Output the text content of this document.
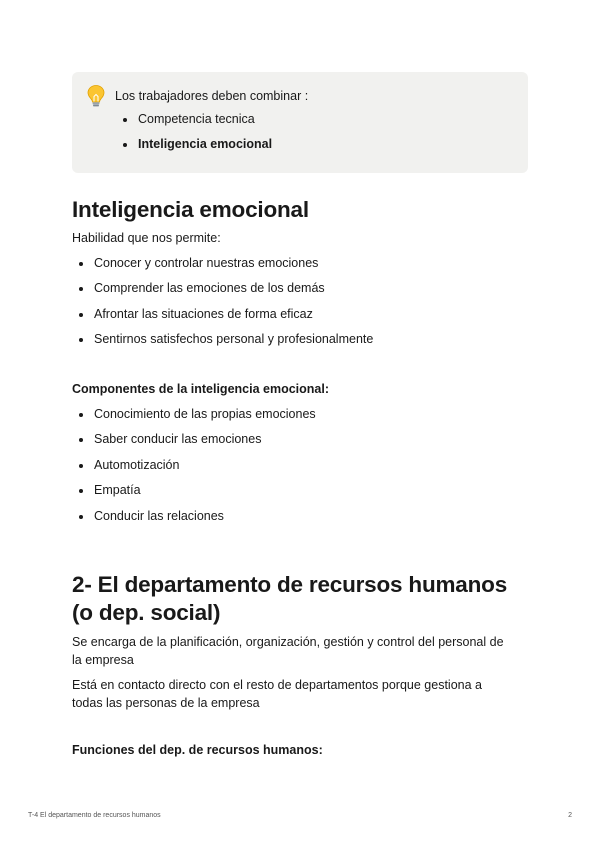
Los trabajadores deben combinar :
Competencia tecnica
Inteligencia emocional
Inteligencia emocional
Habilidad que nos permite:
Conocer y controlar nuestras emociones
Comprender las emociones de los demás
Afrontar las situaciones de forma eficaz
Sentirnos satisfechos personal y profesionalmente
Componentes de la inteligencia emocional:
Conocimiento de las propias emociones
Saber conducir las emociones
Automotización
Empatía
Conducir las relaciones
2- El departamento de recursos humanos
(o dep. social)
Se encarga de la planificación, organización, gestión y control del personal de
la empresa
Está en contacto directo con el resto de departamentos porque gestiona a
todas las personas de la empresa
Funciones del dep. de recursos humanos:
T-4 El departamento de recursos humanos	2
